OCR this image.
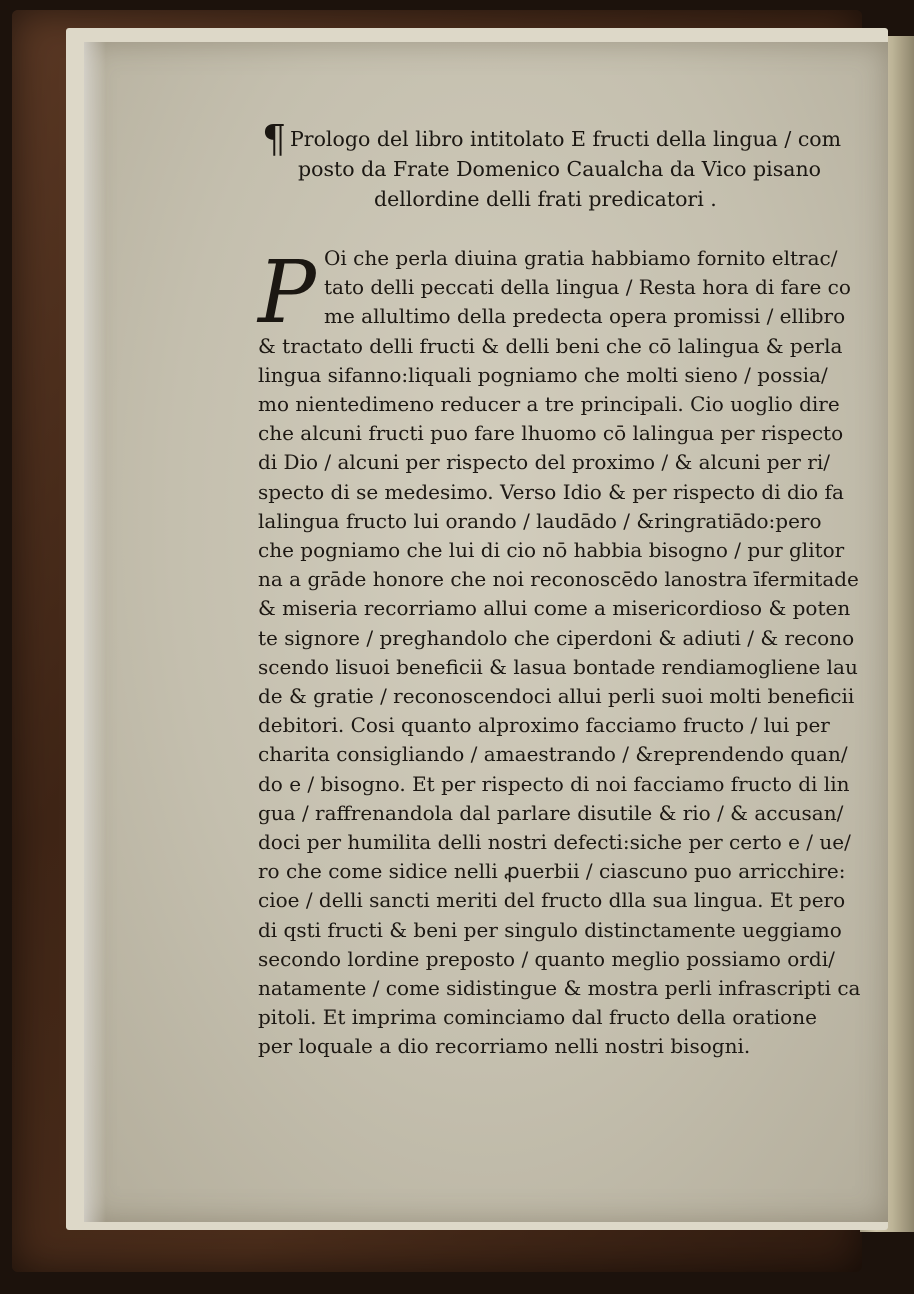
¶ Prologo del libro intitolato E fructi della lingua / com
posto da Frate Domenico Caualcha da Vico pisano
dellordine delli frati predicatori .
P Oi che perla diuina gratia habbiamo fornito eltrac/
tato delli peccati della lingua / Resta hora di fare co
me allultimo della predecta opera promissi / ellibro
& tractato delli fructi & delli beni che cō lalingua & perla
lingua sifanno:liquali pogniamo che molti sieno / possia/
mo nientedimeno reducer a tre principali. Cio uoglio dire
che alcuni fructi puo fare lhuomo cō lalingua per rispecto
di Dio / alcuni per rispecto del proximo / & alcuni per ri/
specto di se medesimo. Verso Idio & per rispecto di dio fa
lalingua fructo lui orando / laudādo / &ringratiādo:pero
che pogniamo che lui di cio nō habbia bisogno / pur glitor
na a grāde honore che noi reconoscēdo lanostra īfermitade
& miseria recorriamo allui come a misericordioso & poten
te signore / preghandolo che ciperdoni & adiuti / & recono
scendo lisuoi beneficii & lasua bontade rendiamogliene lau
de & gratie / reconoscendoci allui perli suoi molti beneficii
debitori. Cosi quanto alproximo facciamo fructo / lui per
charita consigliando / amaestrando / &reprendendo quan/
do e / bisogno. Et per rispecto di noi facciamo fructo di lin
gua / raffrenandola dal parlare disutile & rio / & accusan/
doci per humilita delli nostri defecti:siche per certo e / ue/
ro che come sidice nelli ꝓuerbii / ciascuno puo arricchire:
cioe / delli sancti meriti del fructo dlla sua lingua. Et pero
di qsti fructi & beni per singulo distinctamente ueggiamo
secondo lordine preposto / quanto meglio possiamo ordi/
natamente / come sidistingue & mostra perli infrascripti ca
pitoli. Et imprima cominciamo dal fructo della oratione
per loquale a dio recorriamo nelli nostri bisogni.
